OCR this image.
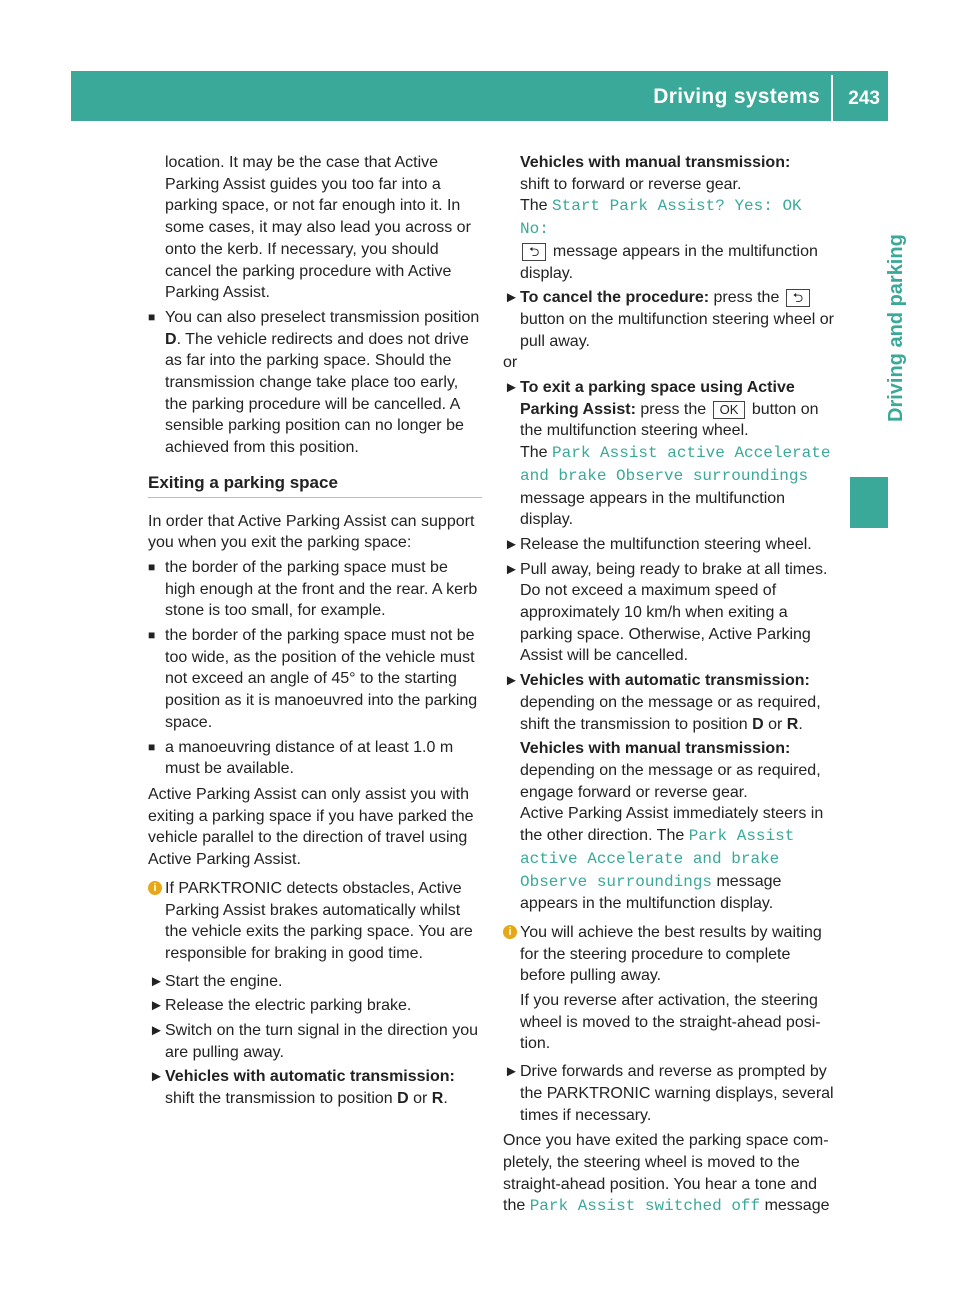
Driving systems 243
Driving and parking

location. It may be the case that Active Parking Assist guides you too far into a parking space, or not far enough into it. In some cases, it may also lead you across or onto the kerb. If necessary, you should cancel the parking procedure with Active Parking Assist.

■ You can also preselect transmission position D. The vehicle redirects and does not drive as far into the parking space. Should the transmission change take place too early, the parking procedure will be cancelled. A sensible parking position can no longer be achieved from this position.
Exiting a parking space

In order that Active Parking Assist can support you when you exit the parking space:

■ the border of the parking space must be high enough at the front and the rear. A kerb stone is too small, for example.
■ the border of the parking space must not be too wide, as the position of the vehicle must not exceed an angle of 45° to the starting position as it is manoeuvred into the parking space.
■ a manoeuvring distance of at least 1.0 m must be available.

Active Parking Assist can only assist you with exiting a parking space if you have parked the vehicle parallel to the direction of travel using Active Parking Assist.

i If PARKTRONIC detects obstacles, Active Parking Assist brakes automatically whilst the vehicle exits the parking space. You are responsible for braking in good time.
► Start the engine.
► Release the electric parking brake.
► Switch on the turn signal in the direction you are pulling away.
► Vehicles with automatic transmission:
shift the transmission to position D or R.
Vehicles with manual transmission:
shift to forward or reverse gear.
The Start Park Assist? Yes: OK No:
⮌ message appears in the multifunction display.
► To cancel the procedure: press the ⮌ button on the multifunction steering wheel or pull away.

or

► To exit a parking space using Active Parking Assist: press the OK button on the multifunction steering wheel.
The Park Assist active Accelerate
and brake Observe surroundings message appears in the multifunction display.
► Release the multifunction steering wheel.
► Pull away, being ready to brake at all times. Do not exceed a maximum speed of approximately 10 km/h when exiting a parking space. Otherwise, Active Parking Assist will be cancelled.
► Vehicles with automatic transmission:
depending on the message or as required, shift the transmission to position D or R.
Vehicles with manual transmission:
depending on the message or as required, engage forward or reverse gear.
Active Parking Assist immediately steers in the other direction. The Park Assist
active Accelerate and brake
Observe surroundings message appears in the multifunction display.
i You will achieve the best results by waiting for the steering procedure to complete before pulling away.
If you reverse after activation, the steering wheel is moved to the straight-ahead position.
► Drive forwards and reverse as prompted by the PARKTRONIC warning displays, several times if necessary.

Once you have exited the parking space completely, the steering wheel is moved to the straight-ahead position. You hear a tone and the Park Assist switched off message
